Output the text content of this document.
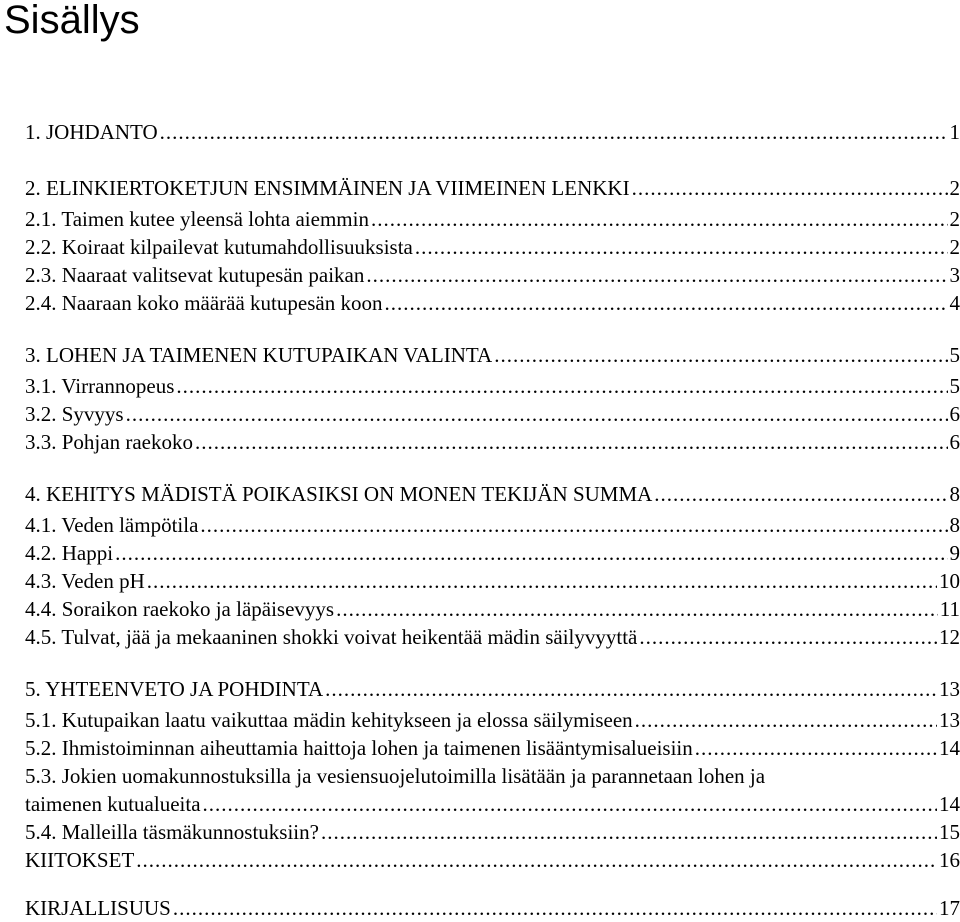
Sisällys
1. JOHDANTO .....	1
2. ELINKIERTOKETJUN ENSIMMÄINEN JA VIIMEINEN LENKKI .....	2
2.1. Taimen kutee yleensä lohta aiemmin .....	2
2.2. Koiraat kilpailevat kutumahdollisuuksista .....	2
2.3. Naaraat valitsevat kutupesän paikan .....	3
2.4. Naaraan koko määrää kutupesän koon .....	4
3. LOHEN JA TAIMENEN KUTUPAIKAN VALINTA .....	5
3.1. Virrannopeus .....	5
3.2. Syvyys .....	6
3.3. Pohjan raekoko .....	6
4. KEHITYS MÄDISTÄ POIKASIKSI ON MONEN TEKIJÄN SUMMA .....	8
4.1. Veden lämpötila .....	8
4.2. Happi .....	9
4.3. Veden pH .....	10
4.4. Soraikon raekoko ja läpäisevyys .....	11
4.5. Tulvat, jää ja mekaaninen shokki voivat heikentää mädin säilyvyyttä .....	12
5. YHTEENVETO JA POHDINTA .....	13
5.1. Kutupaikan laatu vaikuttaa mädin kehitykseen ja elossa säilymiseen .....	13
5.2. Ihmistoiminnan aiheuttamia haittoja lohen ja taimenen lisääntymisalueisiin .....	14
5.3. Jokien uomakunnostuksilla ja vesiensuojelutoimilla lisätään ja parannetaan lohen ja
taimenen kutualueita .....	14
5.4. Malleilla täsmäkunnostuksiin? .....	15
KIITOKSET .....	16
KIRJALLISUUS .....	17
